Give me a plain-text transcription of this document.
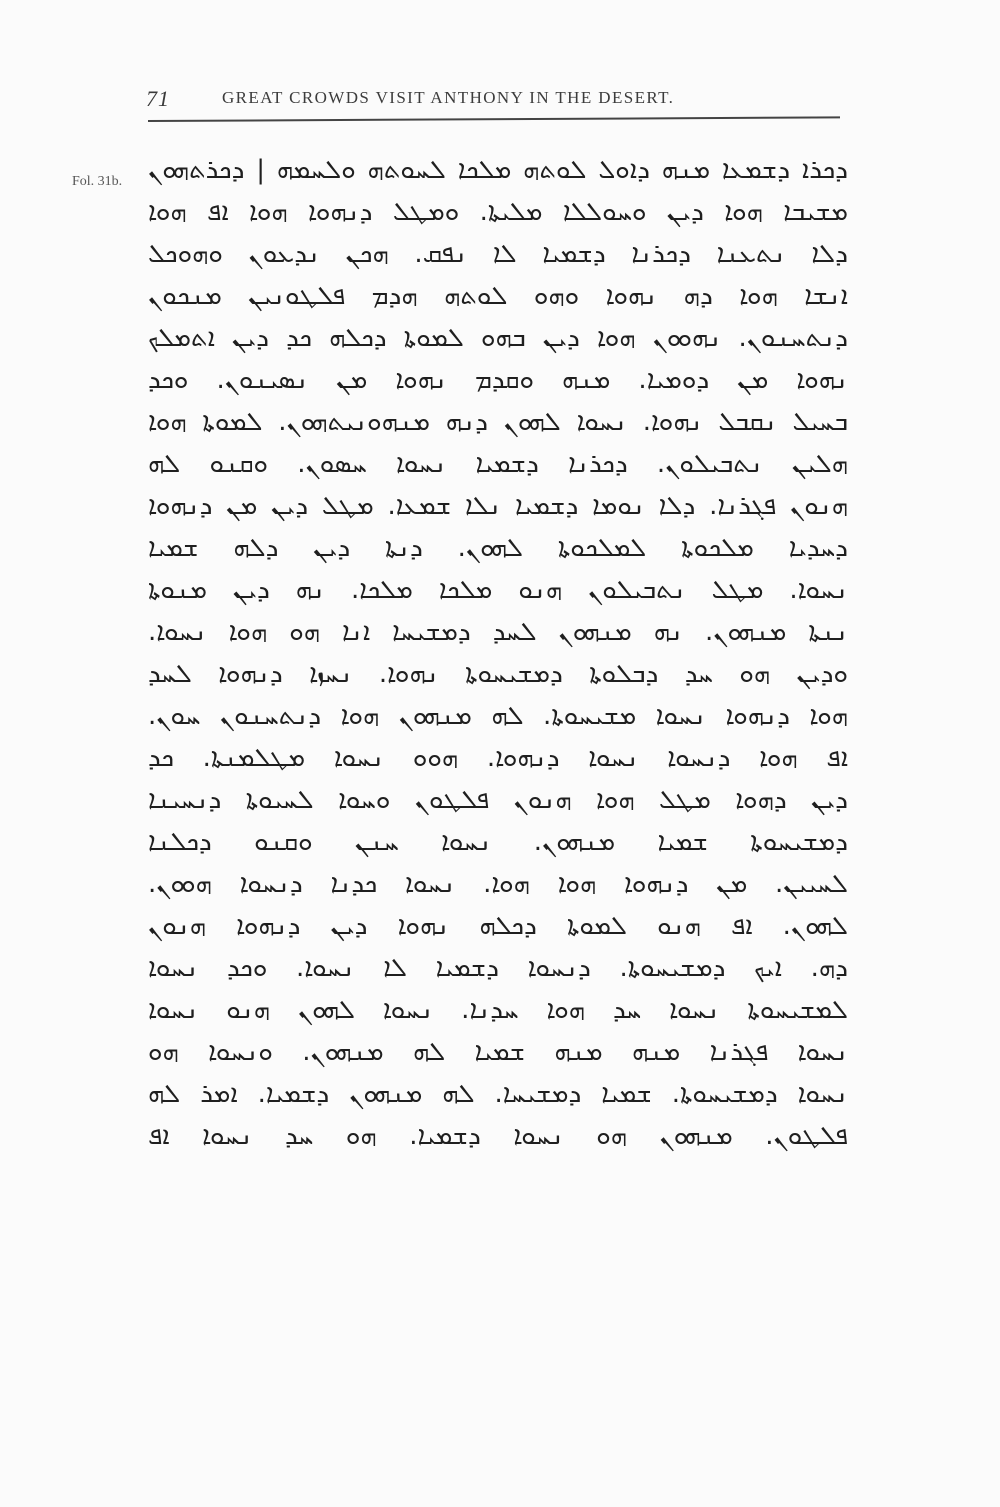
71	GREAT CROWDS VISIT ANTHONY IN THE DESERT.
Fol. 31b. ܕܟܪܐ ܕܫܡܥܐ ܡܢܗ ܕܐܘܠ ܠܘܬܗ ܡܠܟܐ ܠܚܘܬܗ ܘܠܚܡܗ | ܕܟܪܬܗܘܢ
ܡܫܝܒܐ ܗܘܐ ܕܝܢ ܘܚܘܠܠܐ ܡܠܝܬܐ. ܘܡܛܠ ܕܢܗܘܐ ܗܘܐ ܐܦ ܗܘܐ
ܕܠܐ ܢܬܥܢܐ ܕܟܪܢܐ ܕܫܡܝܐ ܠܐ ܢܦܩ. ܗܟܢ ܢܕܥܘܢ ܘܗܘܟܠ
ܐܢܫܐ ܗܘܐ ܕܗ ܢܗܘܐ ܘܗܘ ܠܘܬܗ ܗܕܡ ܦܠܛܘܢܝܢ ܡܢܟܘܢ
ܕܢܬܚܢܘܢ. ܢܗܘܘܢ ܗܘܐ ܕܝܢ ܒܗܘ ܠܡܘܬܐ ܕܟܠܗ ܟܕ ܕܝܢ ܐܬܡܠܟ
ܢܗܘܐ ܡܢ ܕܘܡܝܐ. ܡܢܗ ܘܩܕܡ ܢܗܘܐ ܡܢ ܢܣܝܢܘܢ. ܘܟܕ
ܒܚܝܠ ܢܩܒܠ ܢܗܘܐ. ܢܚܘܐ ܠܗܘܢ ܕܢܗ ܡܢܗܘܢܝܬܗܘܢ. ܠܡܘܬܐ ܗܘܐ
ܗܠܝܢ ܢܬܒܝܠܘܢ. ܕܟܪܢܐ ܕܫܡܝܐ ܢܚܘܐ ܚܣܘܢ. ܘܩܢܘ ܠܗ
ܗܢܘܢ ܦܓܪܢܐ. ܕܠܐ ܢܘܡܐ ܕܫܡܝܐ ܢܠܐ ܫܡܥܐ. ܡܛܠ ܕܝܢ ܡܢ ܕܢܗܘܐ
ܕܚܕܝܐ ܡܠܟܘܬܐ ܠܡܠܟܘܬܐ ܠܗܘܢ. ܕܢܬܐ ܕܝܢ ܕܠܗ ܫܡܝܐ
ܢܚܘܐ. ܡܛܠ ܢܬܒܝܠܘܢ ܗܢܘ ܡܠܟܐ ܡܠܟܐ. ܢܗ ܕܝܢ ܡܢܘܬܐ
ܢܢܬܐ ܡܢܗܘܢ. ܢܗ ܡܢܗܘܢ ܠܚܕ ܕܡܫܝܚܐ ܐܢܐ ܗܘ ܗܘܐ ܢܚܘܐ.
ܘܕܝܢ ܗܘ ܚܕ ܕܒܠܘܬܐ ܕܡܫܝܚܘܬܐ ܢܗܘܐ. ܢܚܙܐ ܕܢܗܘܐ ܠܚܕ
ܗܘܐ ܕܢܗܘܐ ܢܚܘܐ ܡܫܝܚܘܬܐ. ܠܗ ܡܢܗܘܢ ܗܘܐ ܕܢܬܚܢܘܢ ܚܘܢ.
ܐܦ ܗܘܐ ܕܢܚܘܐ ܢܚܘܐ ܕܢܗܘܐ. ܗܘܘ ܢܚܘܐ ܡܛܠܡܢܬܐ. ܟܕ
ܕܝܢ ܕܗܘܐ ܡܛܠ ܗܘܐ ܗܢܘܢ ܦܠܛܘܢ ܘܚܘܐ ܠܚܝܘܬܐ ܕܢܚܝܢܐ
ܕܡܫܝܚܘܬܐ ܫܡܝܐ ܡܢܗܘܢ. ܢܚܘܐ ܚܢܢ ܘܩܢܘ ܕܟܠܢܐ
ܠܚܝܝܢ. ܡܢ ܕܢܗܘܐ ܗܘܐ ܗܘܐ. ܢܚܘܐ ܟܕܢܐ ܕܢܚܘܐ ܗܘܘܢ.
ܠܗܘܢ. ܐܦ ܗܢܘ ܠܡܘܬܐ ܕܟܠܗ ܢܗܘܐ ܕܝܢ ܕܢܗܘܐ ܗܢܘܢ
ܕܗ. ܐܝܟ ܕܡܫܝܚܘܬܐ. ܕܢܚܘܐ ܕܫܡܝܐ ܠܐ ܢܚܘܐ. ܘܟܕ ܢܚܘܐ
ܠܡܫܝܚܘܬܐ ܢܚܘܐ ܚܕ ܗܘܐ ܚܕܢܐ. ܢܚܘܐ ܠܗܘܢ ܗܢܘ ܢܚܘܐ
ܢܚܘܐ ܦܓܪܢܐ ܡܢܗ ܡܢܗ ܫܡܝܐ ܠܗ ܡܢܗܘܢ. ܘܢܚܘܐ ܗܘ
ܢܚܘܐ ܕܡܫܝܚܘܬܐ. ܫܡܝܐ ܕܡܫܝܚܐ. ܠܗ ܡܢܗܘܢ ܕܫܡܝܐ. ܐܡܪ ܠܗ
ܦܠܛܘܢ. ܡܢܗܘܢ ܗܘ ܢܚܘܐ ܕܫܡܝܐ. ܗܘ ܚܕ ܢܚܘܐ ܐܦ
